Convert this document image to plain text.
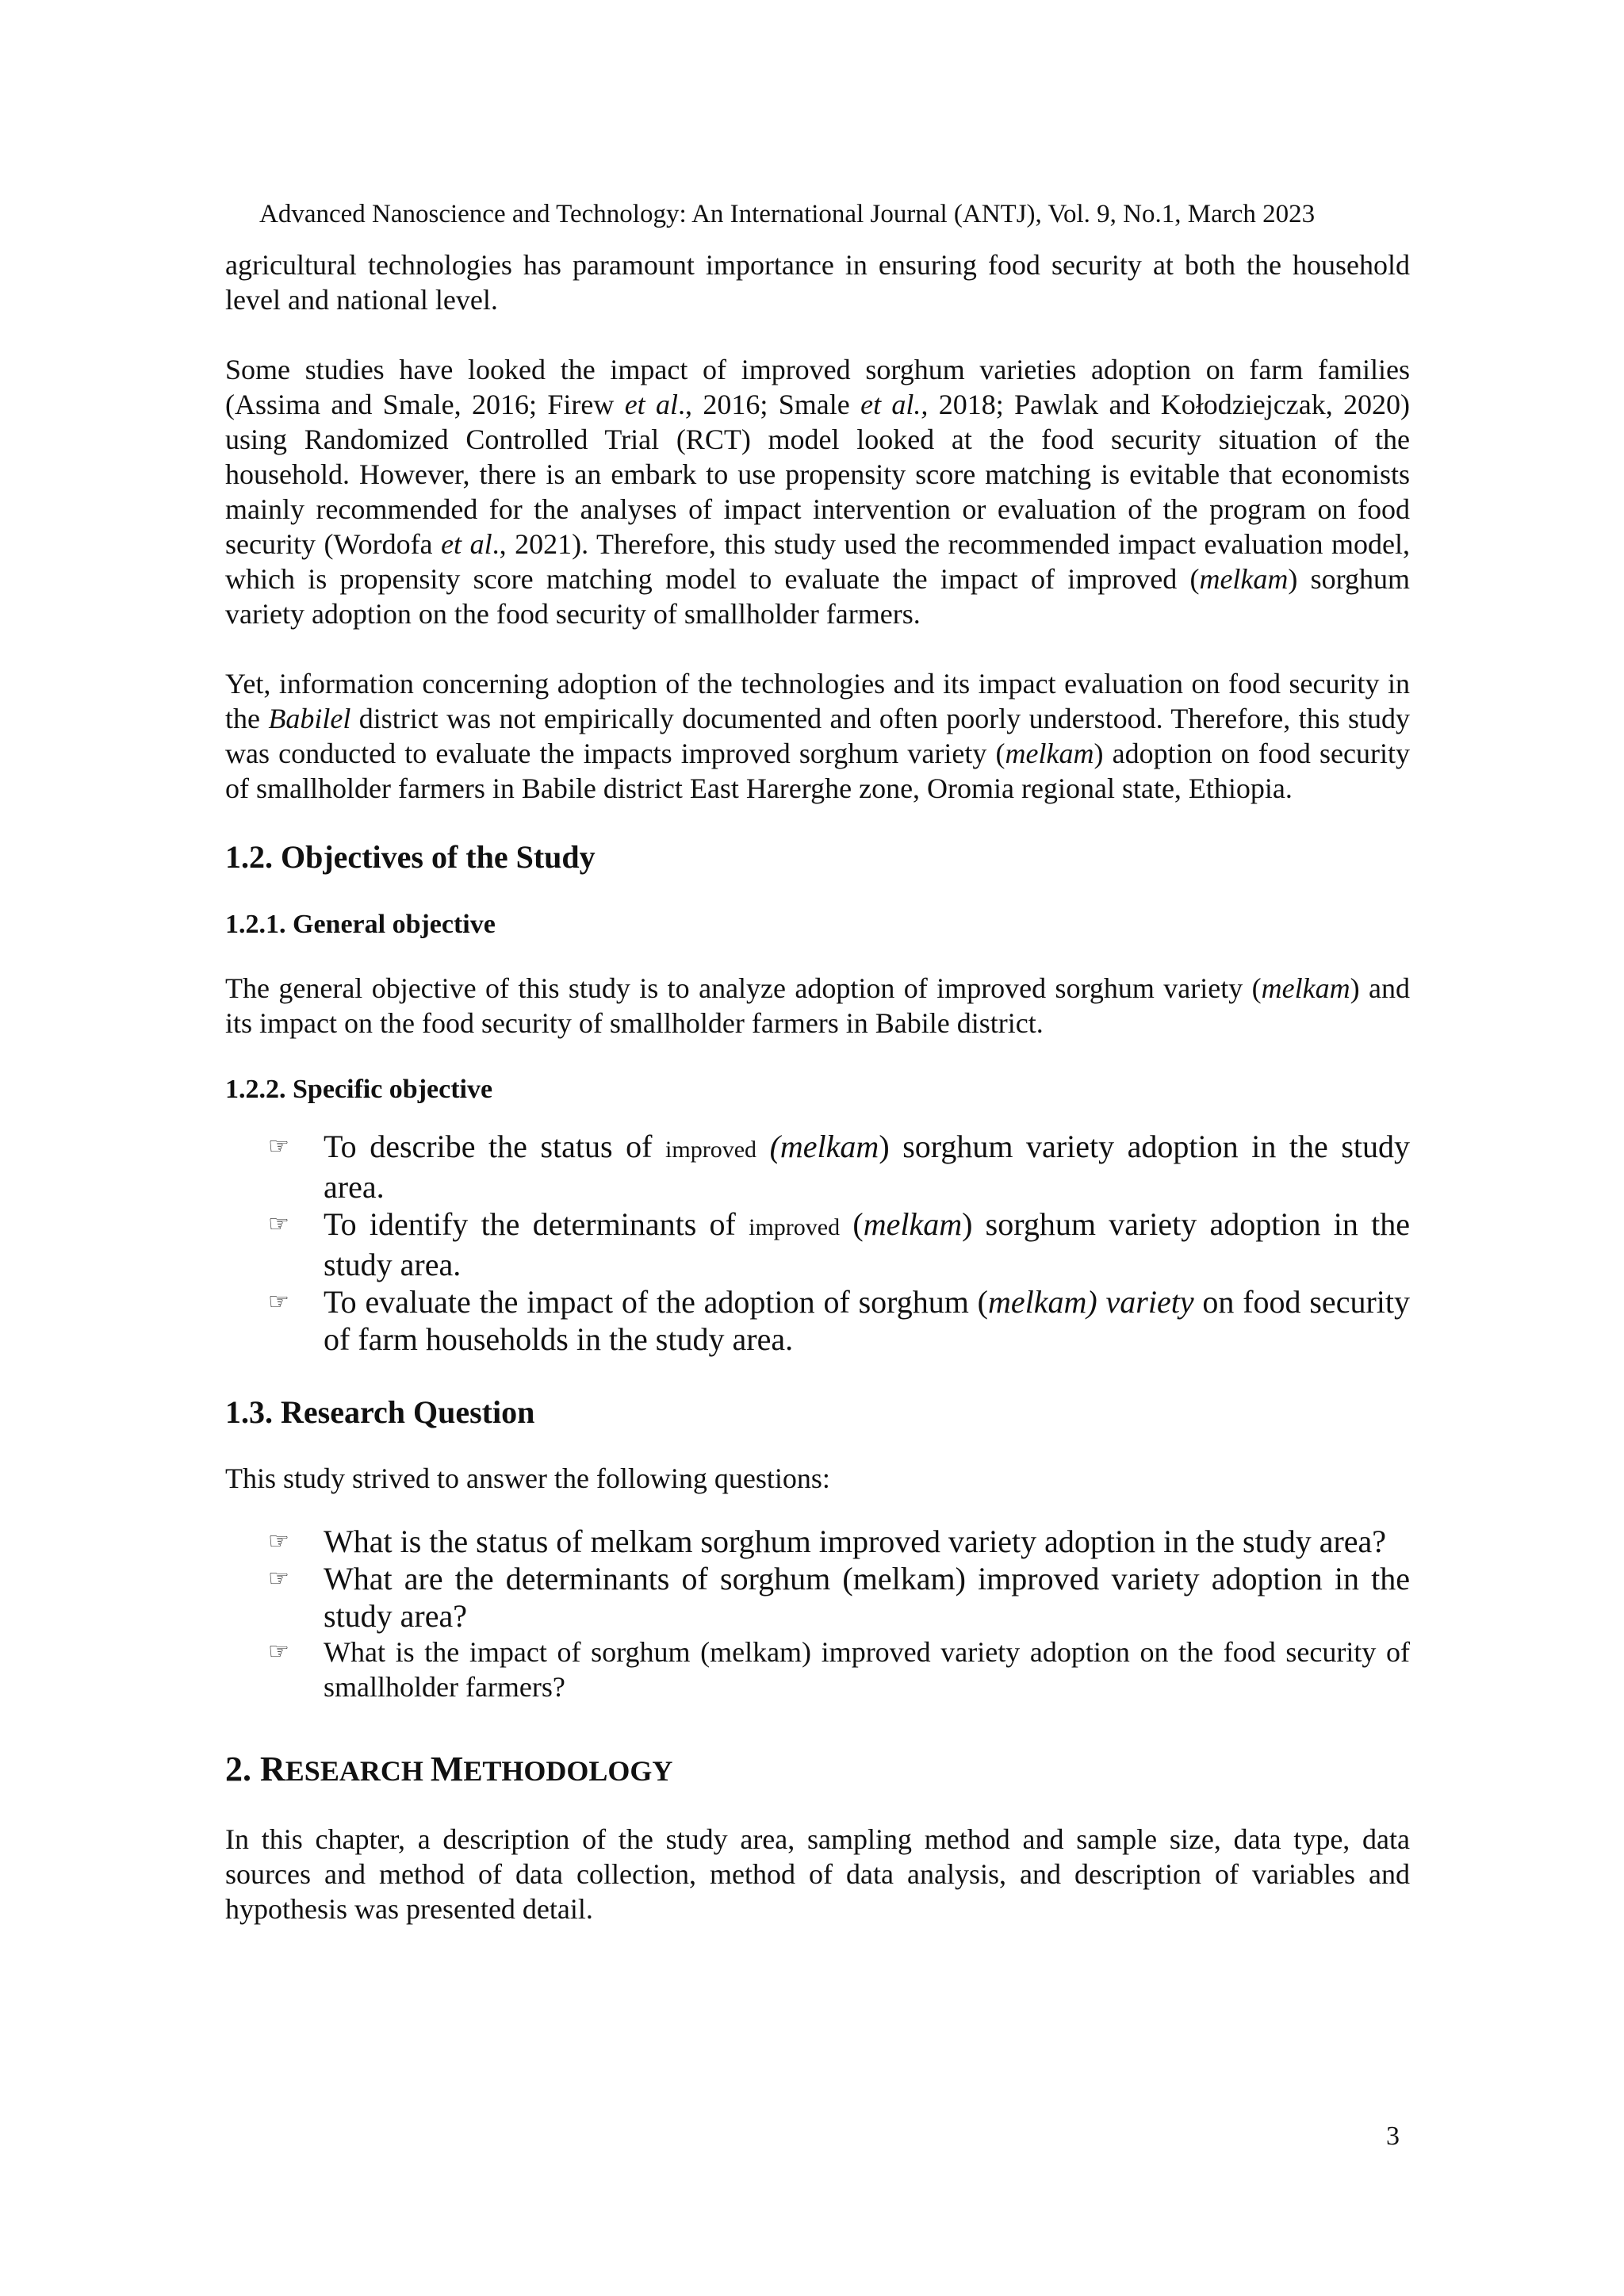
Advanced Nanoscience and Technology: An International Journal (ANTJ), Vol. 9, No.1, March 2023

agricultural technologies has paramount importance in ensuring food security at both the household level and national level.

Some studies have looked the impact of improved sorghum varieties adoption on farm families (Assima and Smale, 2016; Firew et al., 2016; Smale et al., 2018; Pawlak and Kołodziejczak, 2020) using Randomized Controlled Trial (RCT) model looked at the food security situation of the household. However, there is an embark to use propensity score matching is evitable that economists mainly recommended for the analyses of impact intervention or evaluation of the program on food security (Wordofa et al., 2021). Therefore, this study used the recommended impact evaluation model, which is propensity score matching model to evaluate the impact of improved (melkam) sorghum variety adoption on the food security of smallholder farmers.

Yet, information concerning adoption of the technologies and its impact evaluation on food security in the Babilel district was not empirically documented and often poorly understood. Therefore, this study was conducted to evaluate the impacts improved sorghum variety (melkam) adoption on food security of smallholder farmers in Babile district East Harerghe zone, Oromia regional state, Ethiopia.

1.2. Objectives of the Study
1.2.1. General objective

The general objective of this study is to analyze adoption of improved sorghum variety (melkam) and its impact on the food security of smallholder farmers in Babile district.

1.2.2. Specific objective
☞ To describe the status of improved (melkam) sorghum variety adoption in the study area.
☞ To identify the determinants of improved (melkam) sorghum variety adoption in the study area.
☞ To evaluate the impact of the adoption of sorghum (melkam) variety on food security of farm households in the study area.
1.3. Research Question

This study strived to answer the following questions:

☞ What is the status of melkam sorghum improved variety adoption in the study area?
☞ What are the determinants of sorghum (melkam) improved variety adoption in the study area?
☞ What is the impact of sorghum (melkam) improved variety adoption on the food security of smallholder farmers?
2. RESEARCH METHODOLOGY

In this chapter, a description of the study area, sampling method and sample size, data type, data sources and method of data collection, method of data analysis, and description of variables and hypothesis was presented detail.

3
